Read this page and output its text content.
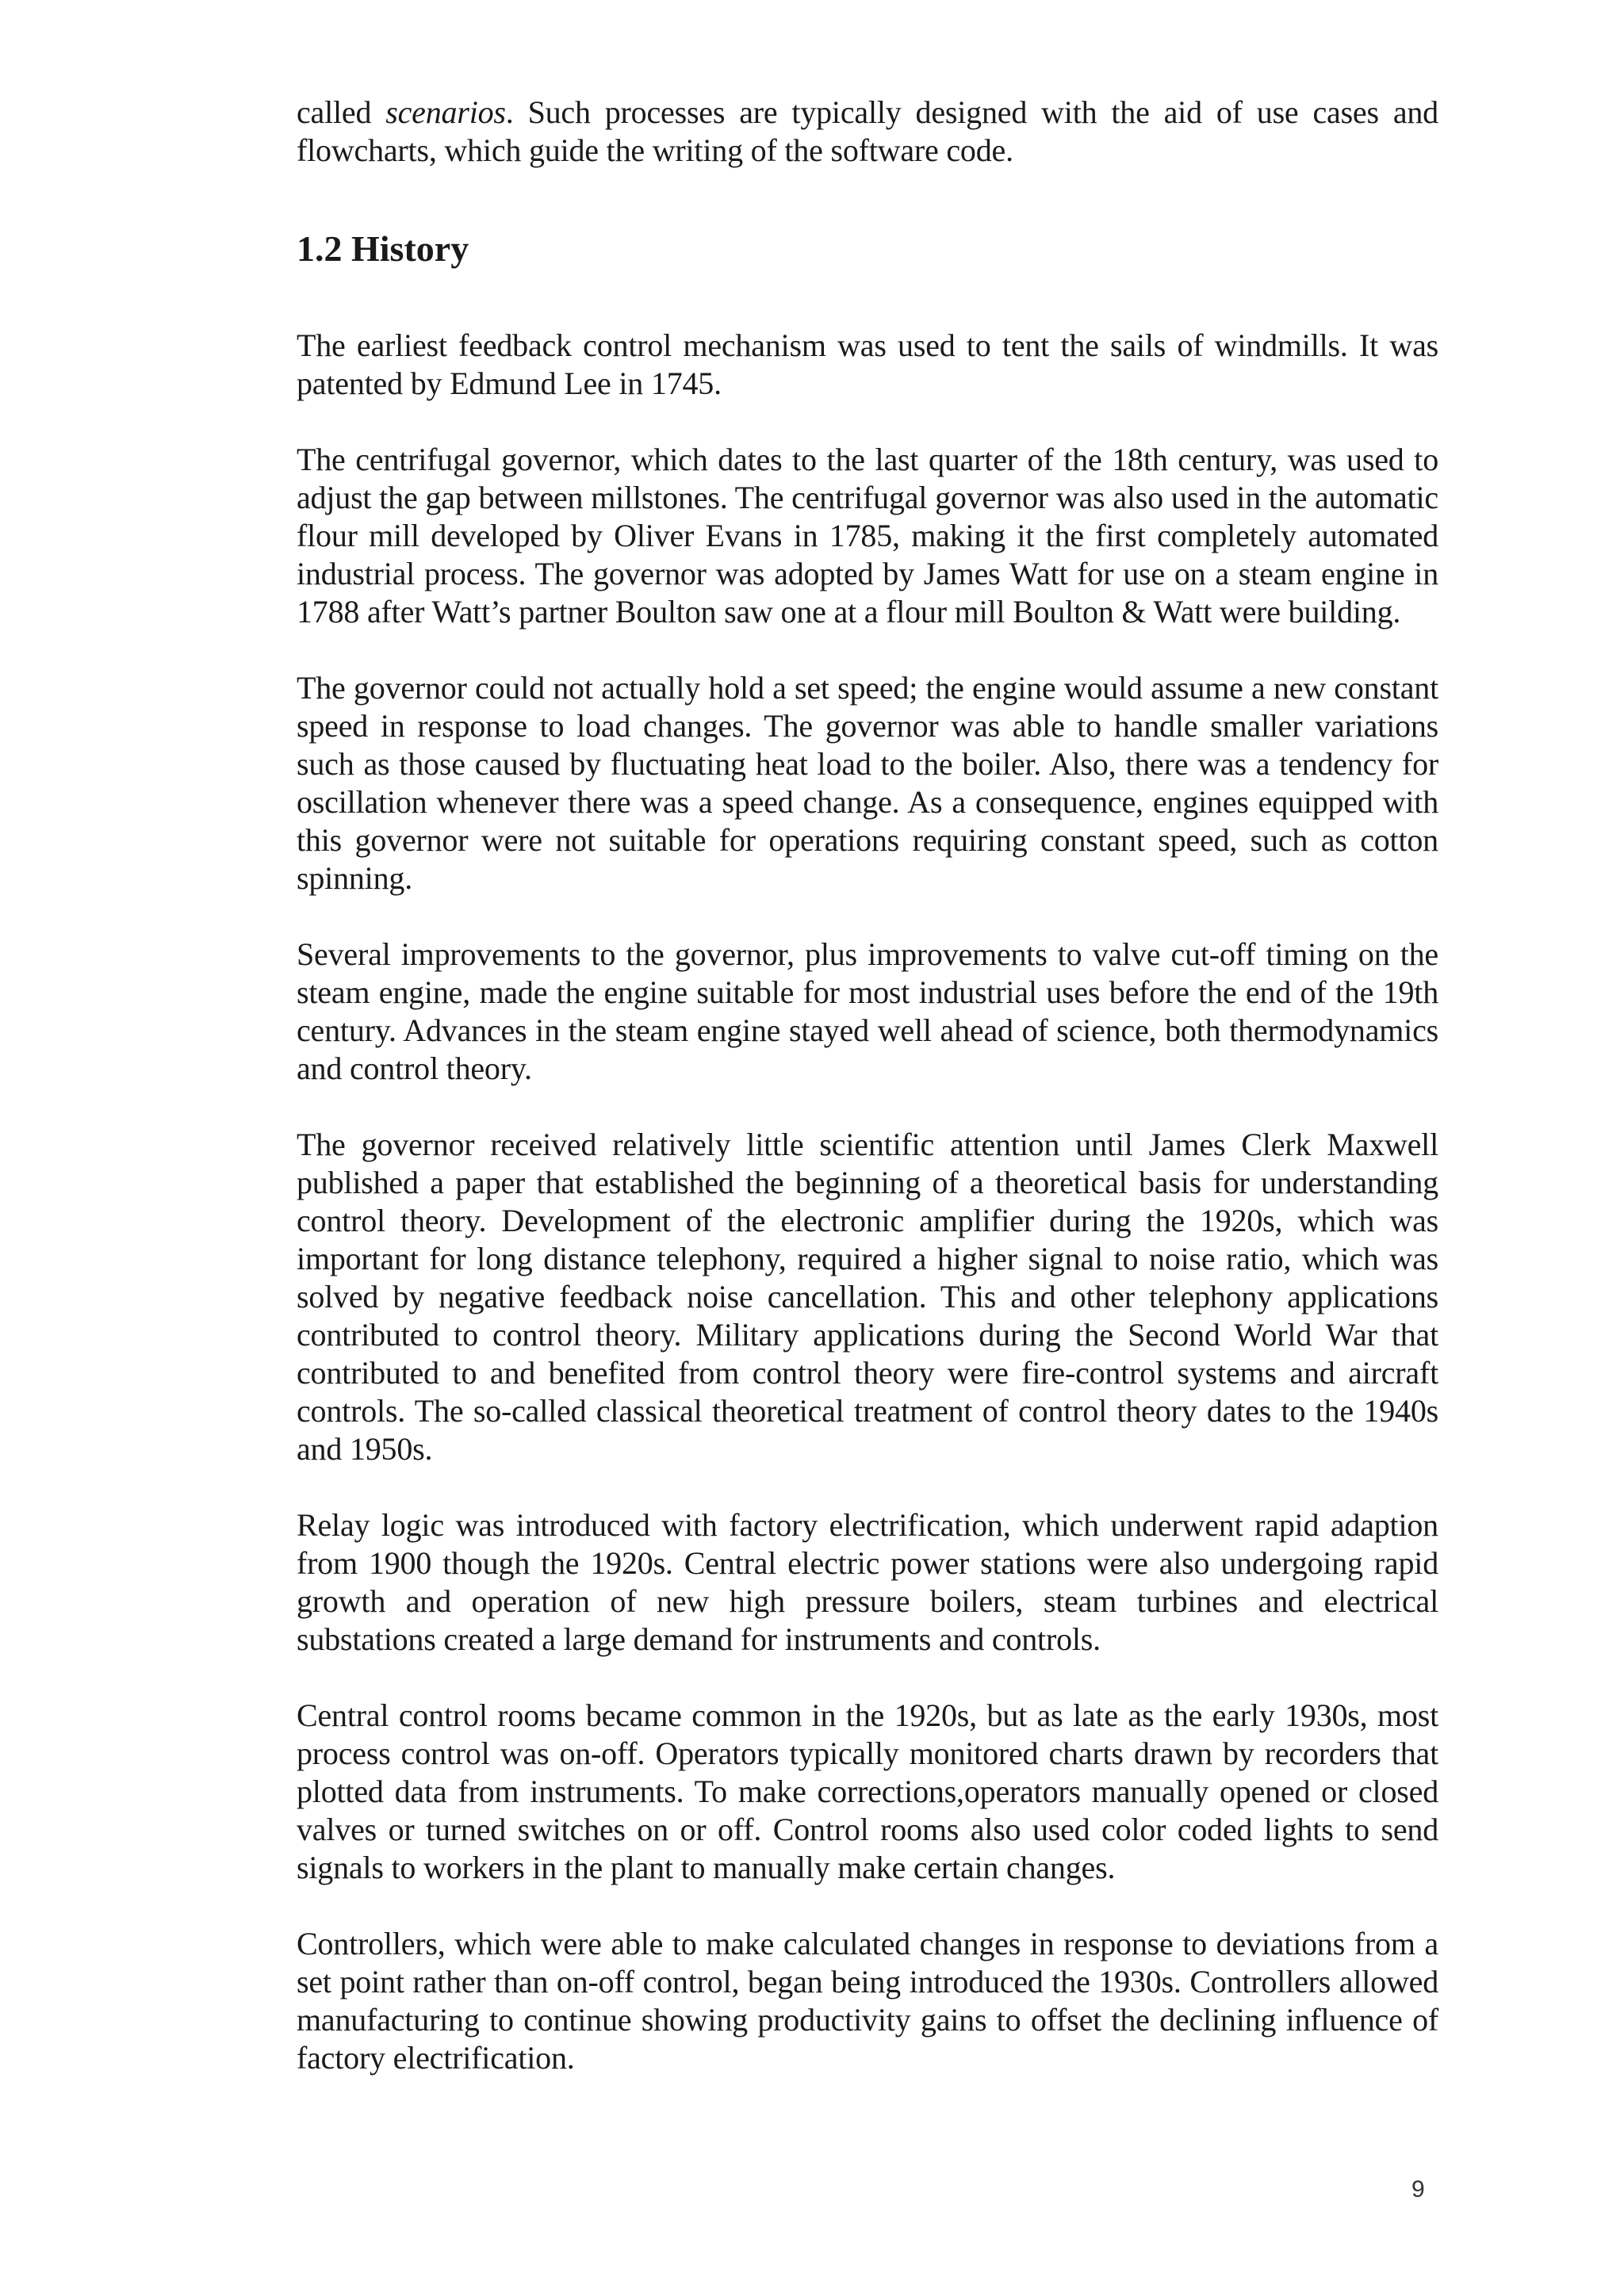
called scenarios. Such processes are typically designed with the aid of use cases and flowcharts, which guide the writing of the software code.

1.2 History

The earliest feedback control mechanism was used to tent the sails of windmills. It was patented by Edmund Lee in 1745.

The centrifugal governor, which dates to the last quarter of the 18th century, was used to adjust the gap between millstones. The centrifugal governor was also used in the automatic flour mill developed by Oliver Evans in 1785, making it the first completely automated industrial process. The governor was adopted by James Watt for use on a steam engine in 1788 after Watt’s partner Boulton saw one at a flour mill Boulton & Watt were building.

The governor could not actually hold a set speed; the engine would assume a new constant speed in response to load changes. The governor was able to handle smaller variations such as those caused by fluctuating heat load to the boiler. Also, there was a tendency for oscillation whenever there was a speed change. As a consequence, engines equipped with this governor were not suitable for operations requiring constant speed, such as cotton spinning.

Several improvements to the governor, plus improvements to valve cut-off timing on the steam engine, made the engine suitable for most industrial uses before the end of the 19th century. Advances in the steam engine stayed well ahead of science, both thermodynamics and control theory.

The governor received relatively little scientific attention until James Clerk Maxwell published a paper that established the beginning of a theoretical basis for understanding control theory. Development of the electronic amplifier during the 1920s, which was important for long distance telephony, required a higher signal to noise ratio, which was solved by negative feedback noise cancellation. This and other telephony applications contributed to control theory. Military applications during the Second World War that contributed to and benefited from control theory were fire-control systems and aircraft controls. The so-called classical theoretical treatment of control theory dates to the 1940s and 1950s.

Relay logic was introduced with factory electrification, which underwent rapid adaption from 1900 though the 1920s. Central electric power stations were also undergoing rapid growth and operation of new high pressure boilers, steam turbines and electrical substations created a large demand for instruments and controls.

Central control rooms became common in the 1920s, but as late as the early 1930s, most process control was on-off. Operators typically monitored charts drawn by recorders that plotted data from instruments. To make corrections,operators manually opened or closed valves or turned switches on or off. Control rooms also used color coded lights to send signals to workers in the plant to manually make certain changes.

Controllers, which were able to make calculated changes in response to deviations from a set point rather than on-off control, began being introduced the 1930s. Controllers allowed manufacturing to continue showing productivity gains to offset the declining influence of factory electrification.

9
